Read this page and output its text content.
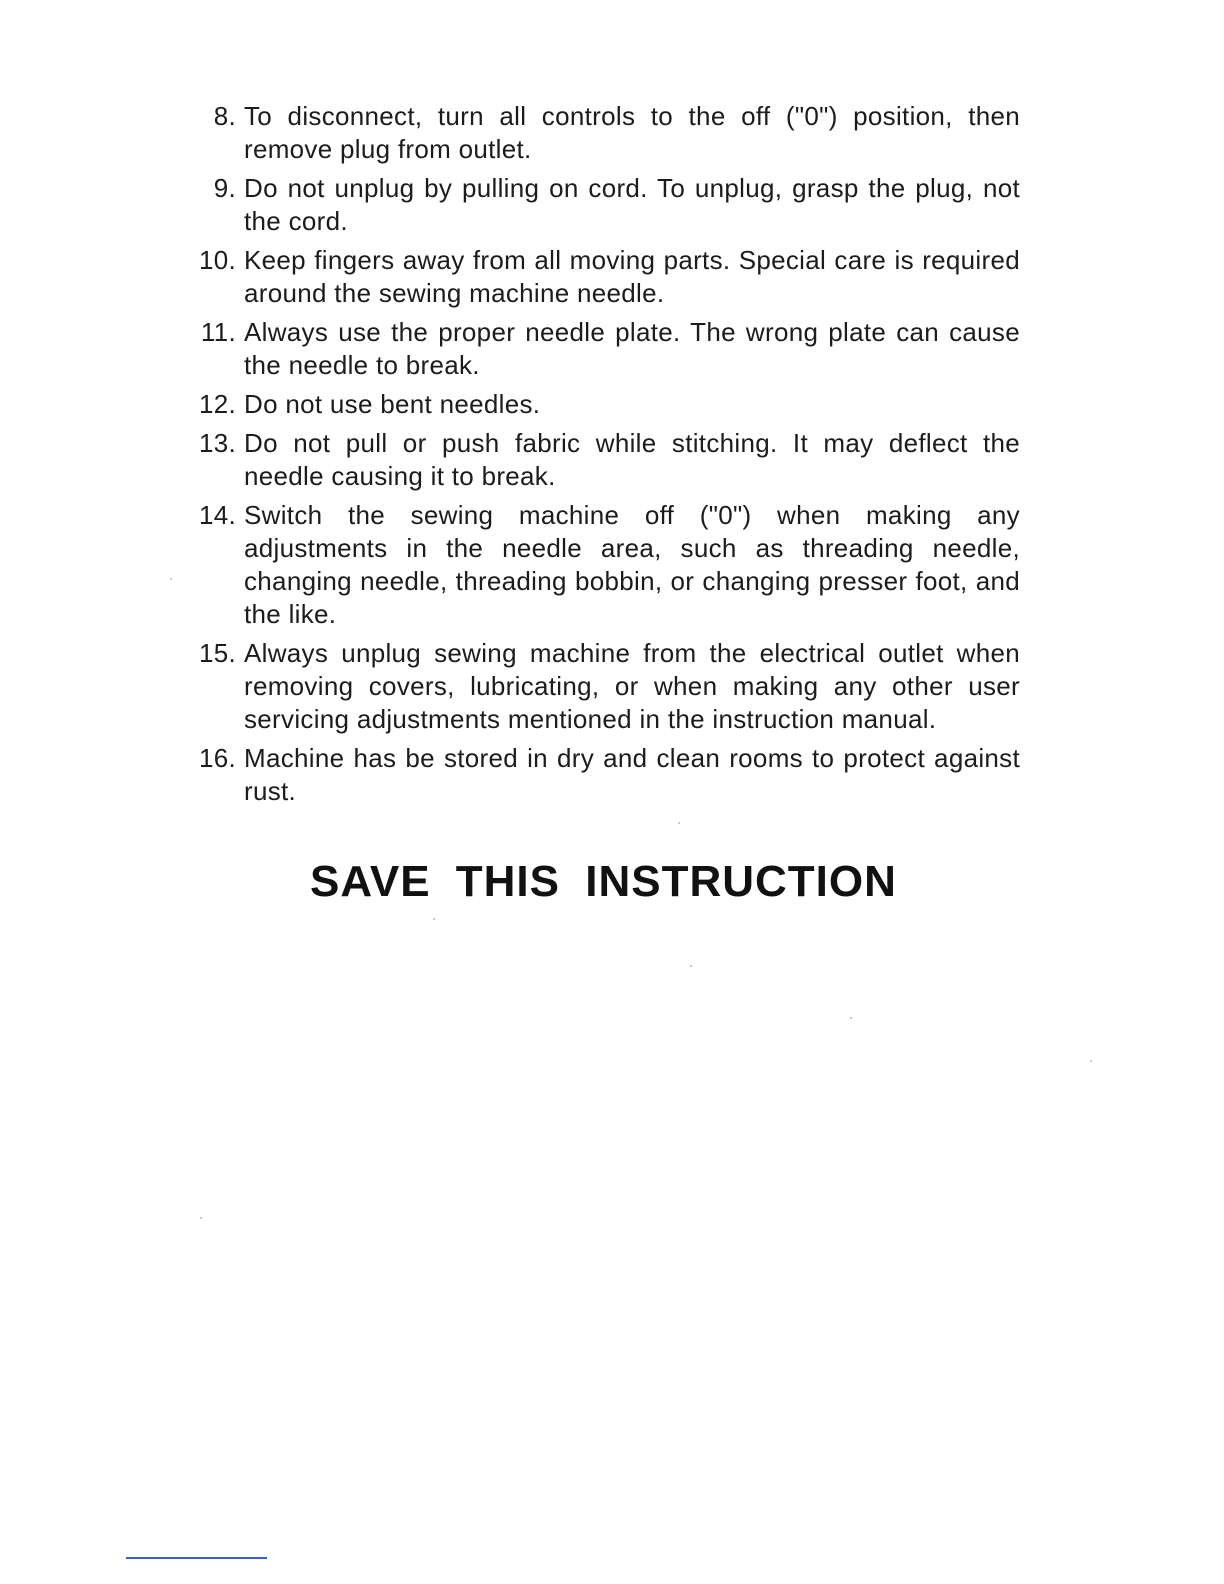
8. To disconnect, turn all controls to the off ("0") position, then remove plug from outlet.
9. Do not unplug by pulling on cord. To unplug, grasp the plug, not the cord.
10. Keep fingers away from all moving parts. Special care is required around the sewing machine needle.
11. Always use the proper needle plate. The wrong plate can cause the needle to break.
12. Do not use bent needles.
13. Do not pull or push fabric while stitching. It may deflect the needle causing it to break.
14. Switch the sewing machine off ("0") when making any adjustments in the needle area, such as threading needle, changing needle, threading bobbin, or changing presser foot, and the like.
15. Always unplug sewing machine from the electrical outlet when removing covers, lubricating, or when making any other user servicing adjustments mentioned in the instruction manual.
16. Machine has be stored in dry and clean rooms to protect against rust.
SAVE THIS INSTRUCTION
